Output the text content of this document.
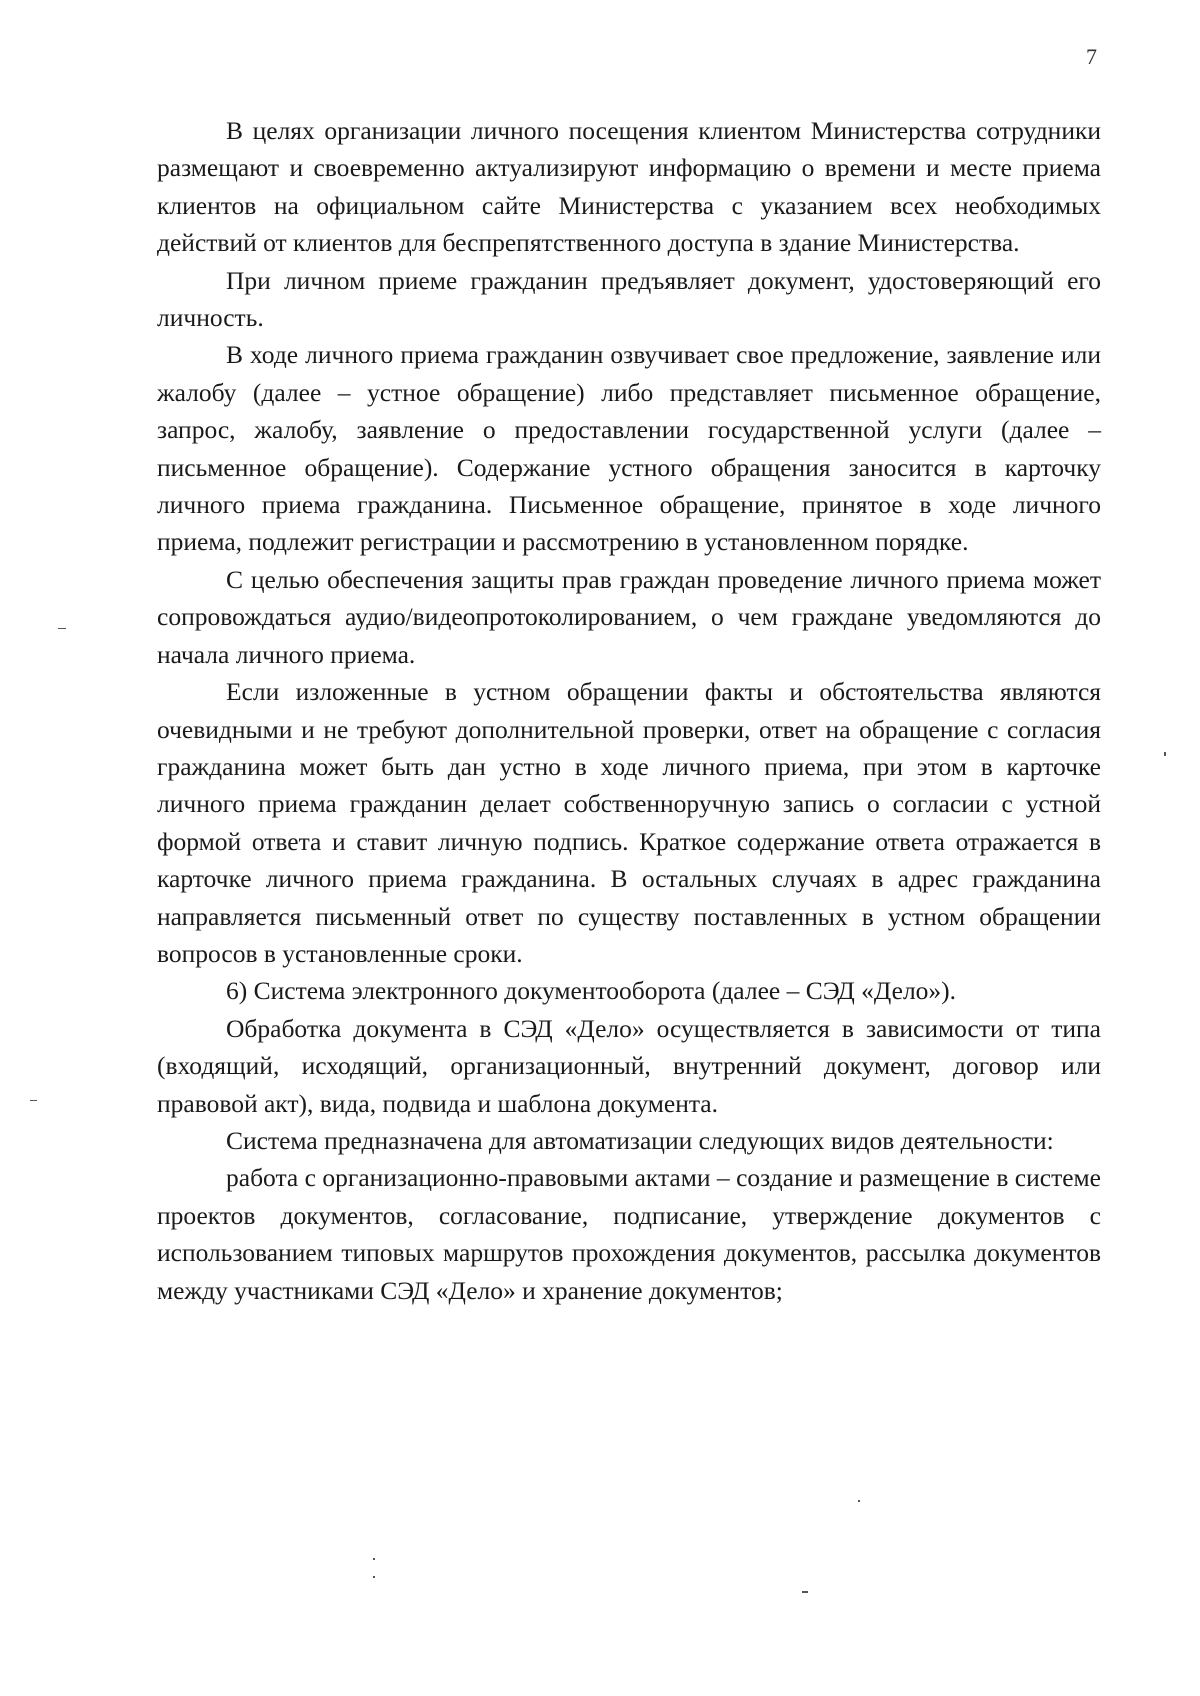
7

В целях организации личного посещения клиентом Министерства сотрудники размещают и своевременно актуализируют информацию о времени и месте приема клиентов на официальном сайте Министерства с указанием всех необходимых действий от клиентов для беспрепятственного доступа в здание Министерства.

При личном приеме гражданин предъявляет документ, удостоверяющий его личность.

В ходе личного приема гражданин озвучивает свое предложение, заявление или жалобу (далее – устное обращение) либо представляет письменное обращение, запрос, жалобу, заявление о предоставлении государственной услуги (далее – письменное обращение). Содержание устного обращения заносится в карточку личного приема гражданина. Письменное обращение, принятое в ходе личного приема, подлежит регистрации и рассмотрению в установленном порядке.

С целью обеспечения защиты прав граждан проведение личного приема может сопровождаться аудио/видеопротоколированием, о чем граждане уведомляются до начала личного приема.

Если изложенные в устном обращении факты и обстоятельства являются очевидными и не требуют дополнительной проверки, ответ на обращение с согласия гражданина может быть дан устно в ходе личного приема, при этом в карточке личного приема гражданин делает собственноручную запись о согласии с устной формой ответа и ставит личную подпись. Краткое содержание ответа отражается в карточке личного приема гражданина. В остальных случаях в адрес гражданина направляется письменный ответ по существу поставленных в устном обращении вопросов в установленные сроки.

6) Система электронного документооборота (далее – СЭД «Дело»).

Обработка документа в СЭД «Дело» осуществляется в зависимости от типа (входящий, исходящий, организационный, внутренний документ, договор или правовой акт), вида, подвида и шаблона документа.

Система предназначена для автоматизации следующих видов деятельности:

работа с организационно-правовыми актами – создание и размещение в системе проектов документов, согласование, подписание, утверждение документов с использованием типовых маршрутов прохождения документов, рассылка документов между участниками СЭД «Дело» и хранение документов;
